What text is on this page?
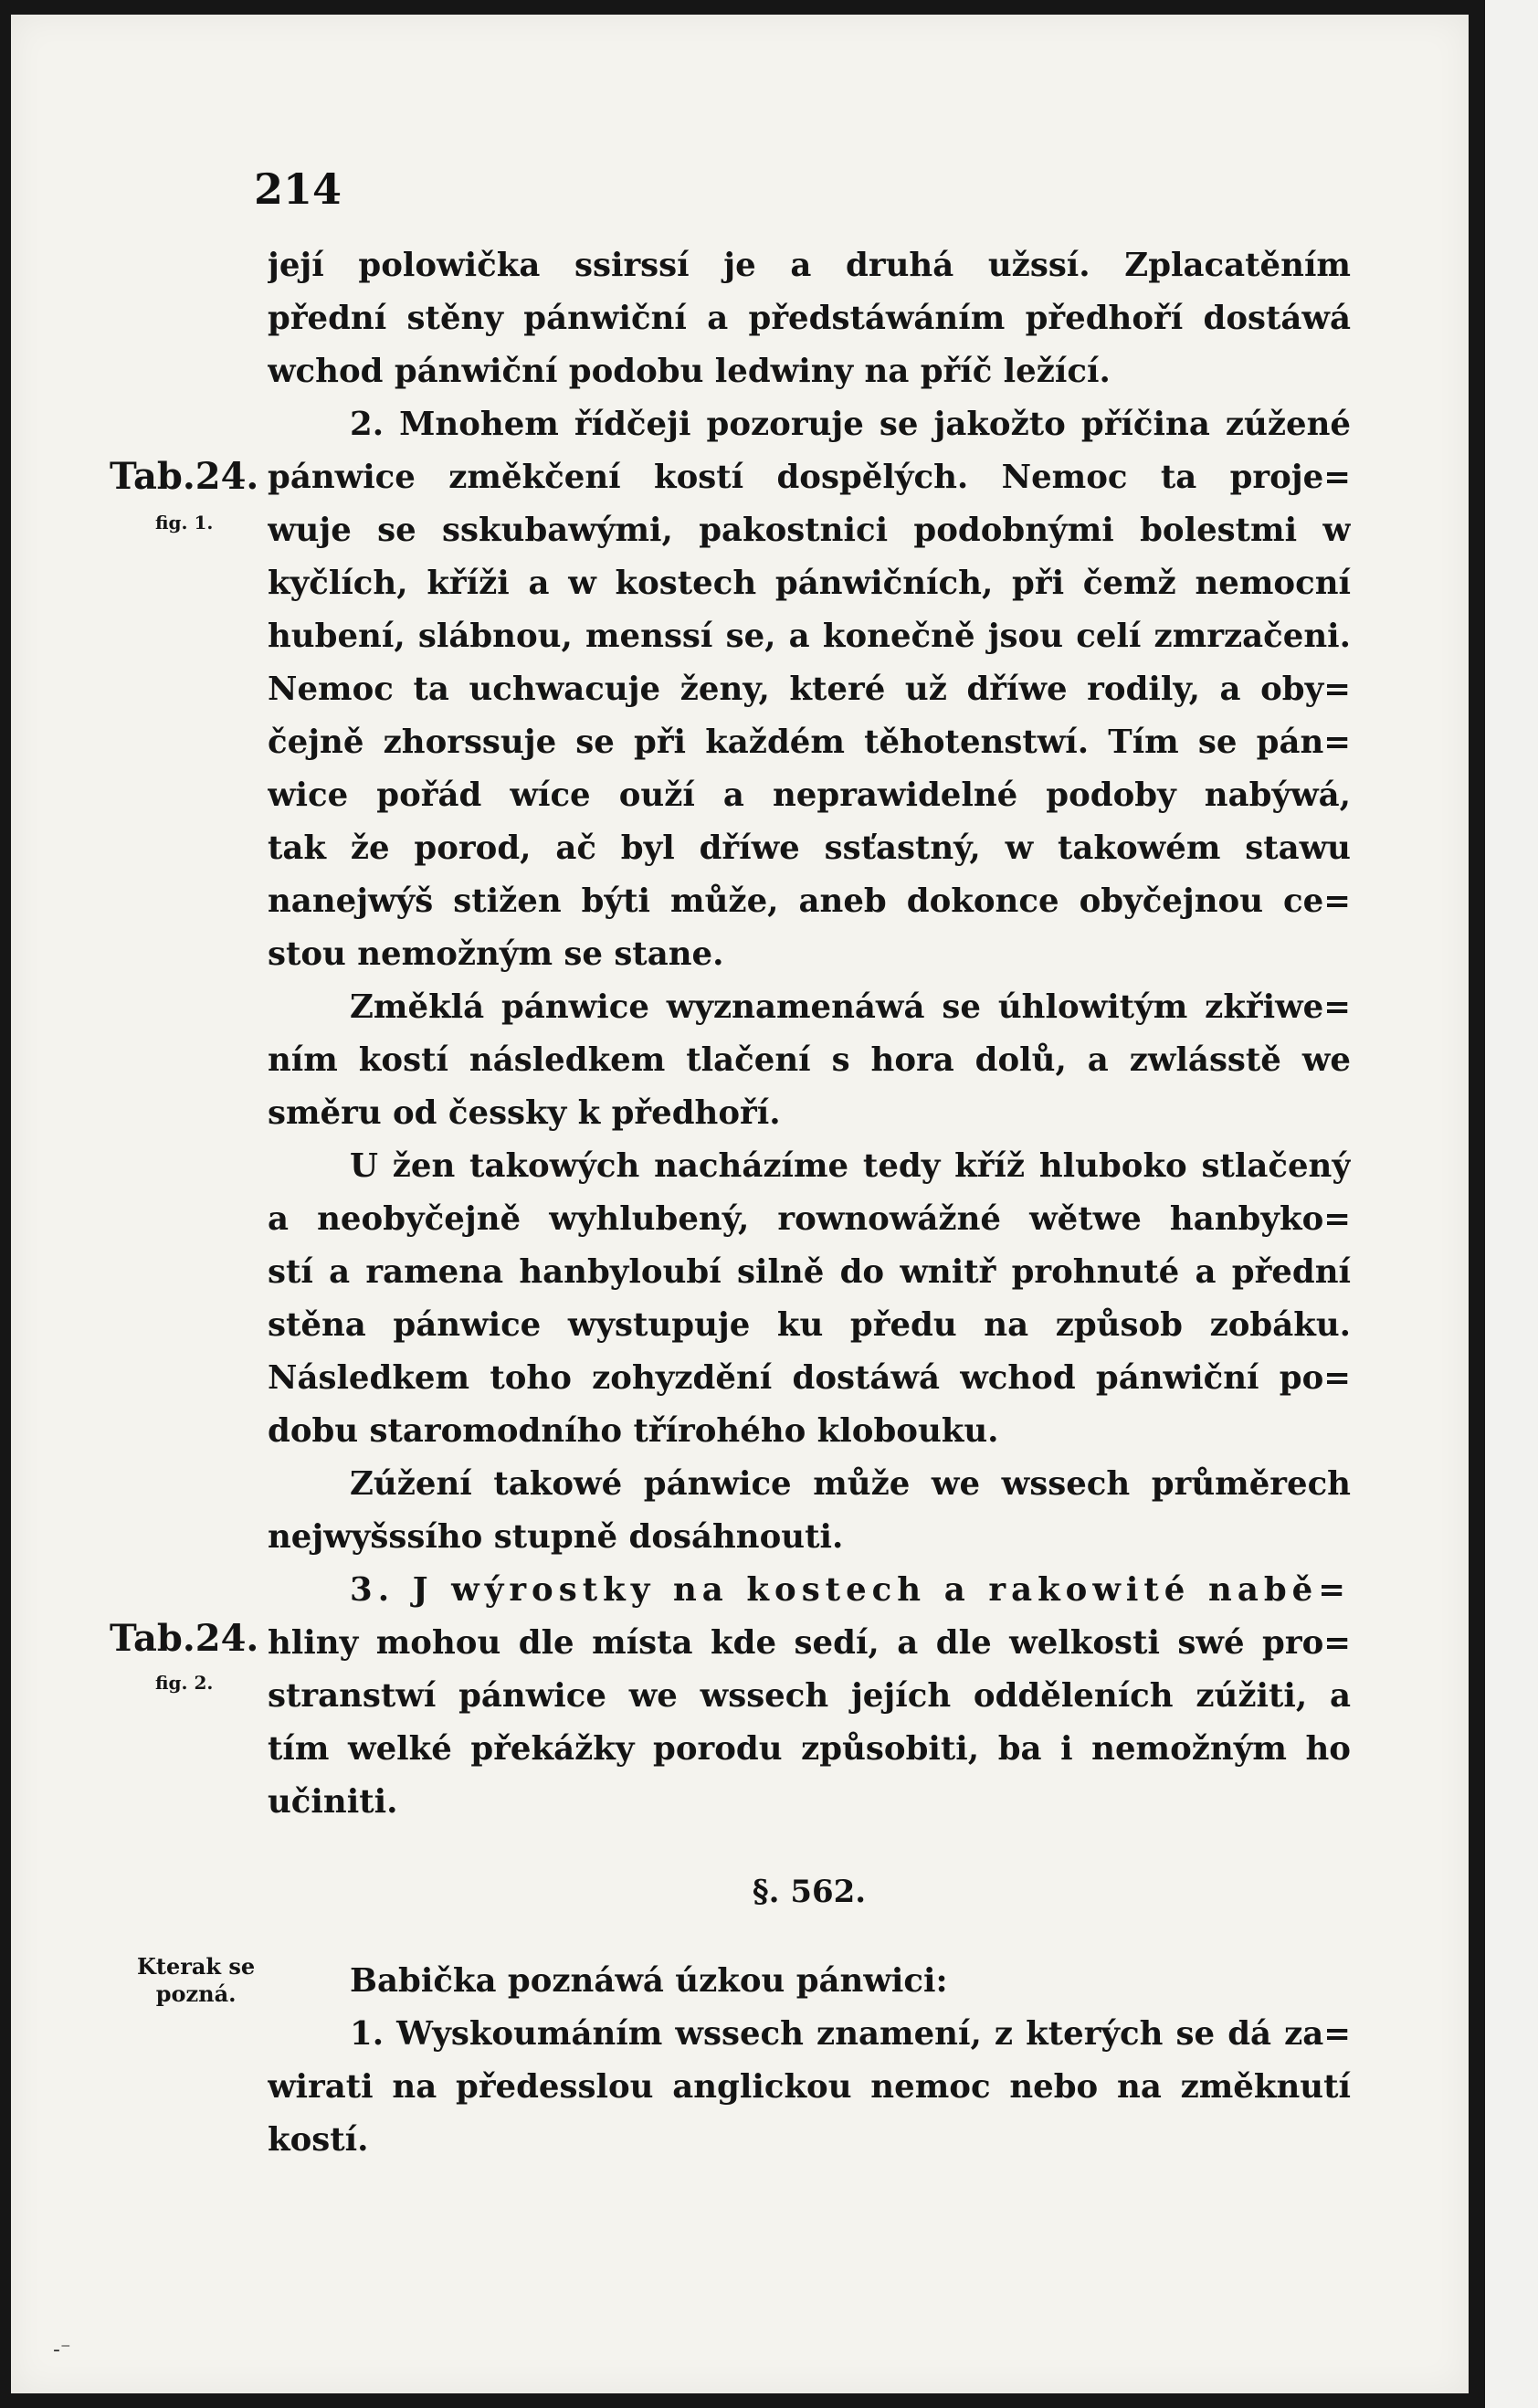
214
její polowička ssirssí je a druhá užssí. Zplacatěním
přední stěny pánwiční a předstáwáním předhoří dostáwá
wchod pánwiční podobu ledwiny na příč ležící.
2. Mnohem řídčeji pozoruje se jakožto příčina zúžené
pánwice změkčení kostí dospělých. Nemoc ta proje=
wuje se sskubawými, pakostnici podobnými bolestmi w
kyčlích, kříži a w kostech pánwičních, při čemž nemocní
hubení, slábnou, menssí se, a konečně jsou celí zmrzačeni.
Nemoc ta uchwacuje ženy, které už dříwe rodily, a oby=
čejně zhorssuje se při každém těhotenstwí. Tím se pán=
wice pořád wíce ouží a neprawidelné podoby nabýwá,
tak že porod, ač byl dříwe ssťastný, w takowém stawu
nanejwýš stižen býti může, aneb dokonce obyčejnou ce=
stou nemožným se stane.
Změklá pánwice wyznamenáwá se úhlowitým zkřiwe=
ním kostí následkem tlačení s hora dolů, a zwlásstě we
směru od čessky k předhoří.
U žen takowých nacházíme tedy kříž hluboko stlačený
a neobyčejně wyhlubený, rownowážné wětwe hanbyko=
stí a ramena hanbyloubí silně do wnitř prohnuté a přední
stěna pánwice wystupuje ku předu na způsob zobáku.
Následkem toho zohyzdění dostáwá wchod pánwiční po=
dobu staromodního třírohého klobouku.
Zúžení takowé pánwice může we wssech průměrech
nejwyšssího stupně dosáhnouti.
3. J wýrostky na kostech a rakowité nabě=
hliny mohou dle místa kde sedí, a dle welkosti swé pro=
stranstwí pánwice we wssech jejích odděleních zúžiti, a
tím welké překážky porodu způsobiti, ba i nemožným ho
učiniti.
§. 562.
Babička poznáwá úzkou pánwici:
1. Wyskoumáním wssech znamení, z kterých se dá za=
wirati na předesslou anglickou nemoc nebo na změknutí
kostí.
Tab.24.
fig. 1.
Tab.24.
fig. 2.
Kterak se
pozná.
-⁻
